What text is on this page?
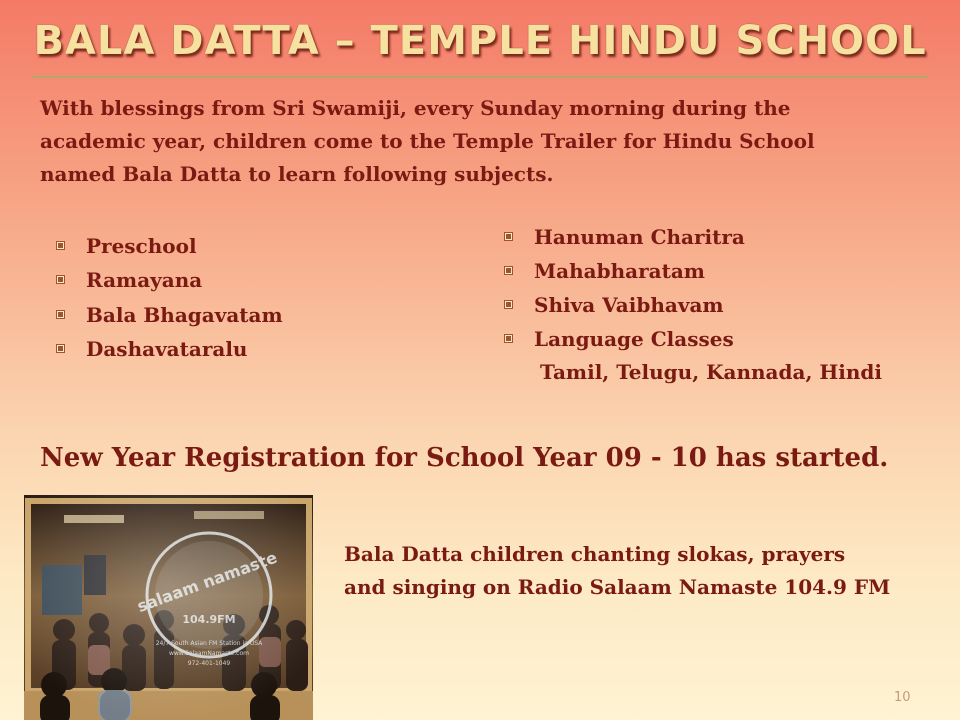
BALA DATTA – TEMPLE HINDU SCHOOL
With blessings from Sri Swamiji, every Sunday morning during the
academic year, children come to the Temple Trailer for Hindu School
named Bala Datta to learn following subjects.
Preschool
Ramayana
Bala Bhagavatam
Dashavataralu
Hanuman Charitra
Mahabharatam
Shiva Vaibhavam
Language Classes
Tamil, Telugu, Kannada, Hindi
New Year Registration for School Year 09 - 10 has started.
Bala Datta children chanting slokas, prayers
and singing on Radio Salaam Namaste 104.9 FM
10
